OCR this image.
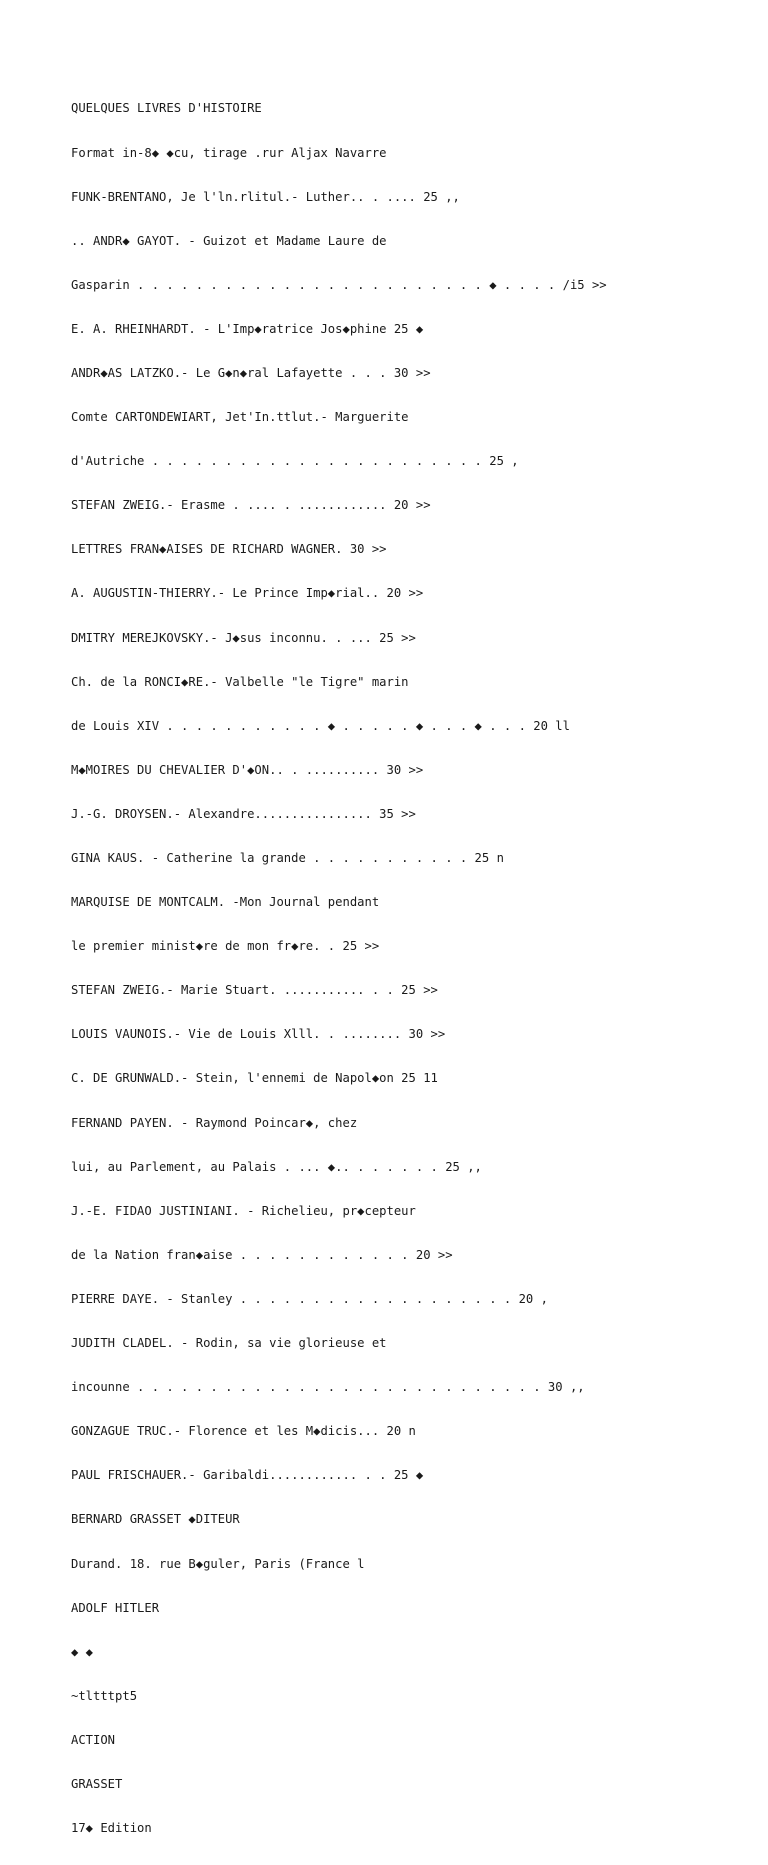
QUELQUES LIVRES D'HISTOIRE

Format in-8◆ ◆cu, tirage .rur Aljax Navarre

FUNK-BRENTANO, Je l'ln.rlitul.- Luther.. . .... 25 ,,

.. ANDR◆ GAYOT. - Guizot et Madame Laure de

Gasparin . . . . . . . . . . . . . . . . . . . . . . . . ◆ . . . . /i5 >>

E. A. RHEINHARDT. - L'Imp◆ratrice Jos◆phine 25 ◆

ANDR◆AS LATZKO.- Le G◆n◆ral Lafayette . . . 30 >>

Comte CARTONDEWIART, Jet'In.ttlut.- Marguerite

d'Autriche . . . . . . . . . . . . . . . . . . . . . . . 25 ,

STEFAN ZWEIG.- Erasme . .... . ............ 20 >>

LETTRES FRAN◆AISES DE RICHARD WAGNER. 30 >>

A. AUGUSTIN-THIERRY.- Le Prince Imp◆rial.. 20 >>

DMITRY MEREJKOVSKY.- J◆sus inconnu. . ... 25 >>

Ch. de la RONCI◆RE.- Valbelle "le Tigre" marin

de Louis XIV . . . . . . . . . . . ◆ . . . . . ◆ . . . ◆ . . . 20 ll

M◆MOIRES DU CHEVALIER D'◆ON.. . .......... 30 >>

J.-G. DROYSEN.- Alexandre................ 35 >>

GINA KAUS. - Catherine la grande . . . . . . . . . . . 25 n

MARQUISE DE MONTCALM. -Mon Journal pendant

le premier minist◆re de mon fr◆re. . 25 >>

STEFAN ZWEIG.- Marie Stuart. ........... . . 25 >>

LOUIS VAUNOIS.- Vie de Louis Xlll. . ........ 30 >>

C. DE GRUNWALD.- Stein, l'ennemi de Napol◆on 25 11

FERNAND PAYEN. - Raymond Poincar◆, chez

lui, au Parlement, au Palais . ... ◆.. . . . . . . 25 ,,

J.-E. FIDAO JUSTINIANI. - Richelieu, pr◆cepteur

de la Nation fran◆aise . . . . . . . . . . . . 20 >>

PIERRE DAYE. - Stanley . . . . . . . . . . . . . . . . . . . 20 ,

JUDITH CLADEL. - Rodin, sa vie glorieuse et

incounne . . . . . . . . . . . . . . . . . . . . . . . . . . . . 30 ,,

GONZAGUE TRUC.- Florence et les M◆dicis... 20 n

PAUL FRISCHAUER.- Garibaldi............ . . 25 ◆

BERNARD GRASSET ◆DITEUR

Durand. 18. rue B◆guler, Paris (France l

ADOLF HITLER

◆ ◆

~tltttpt5

ACTION

GRASSET

17◆ Edition
